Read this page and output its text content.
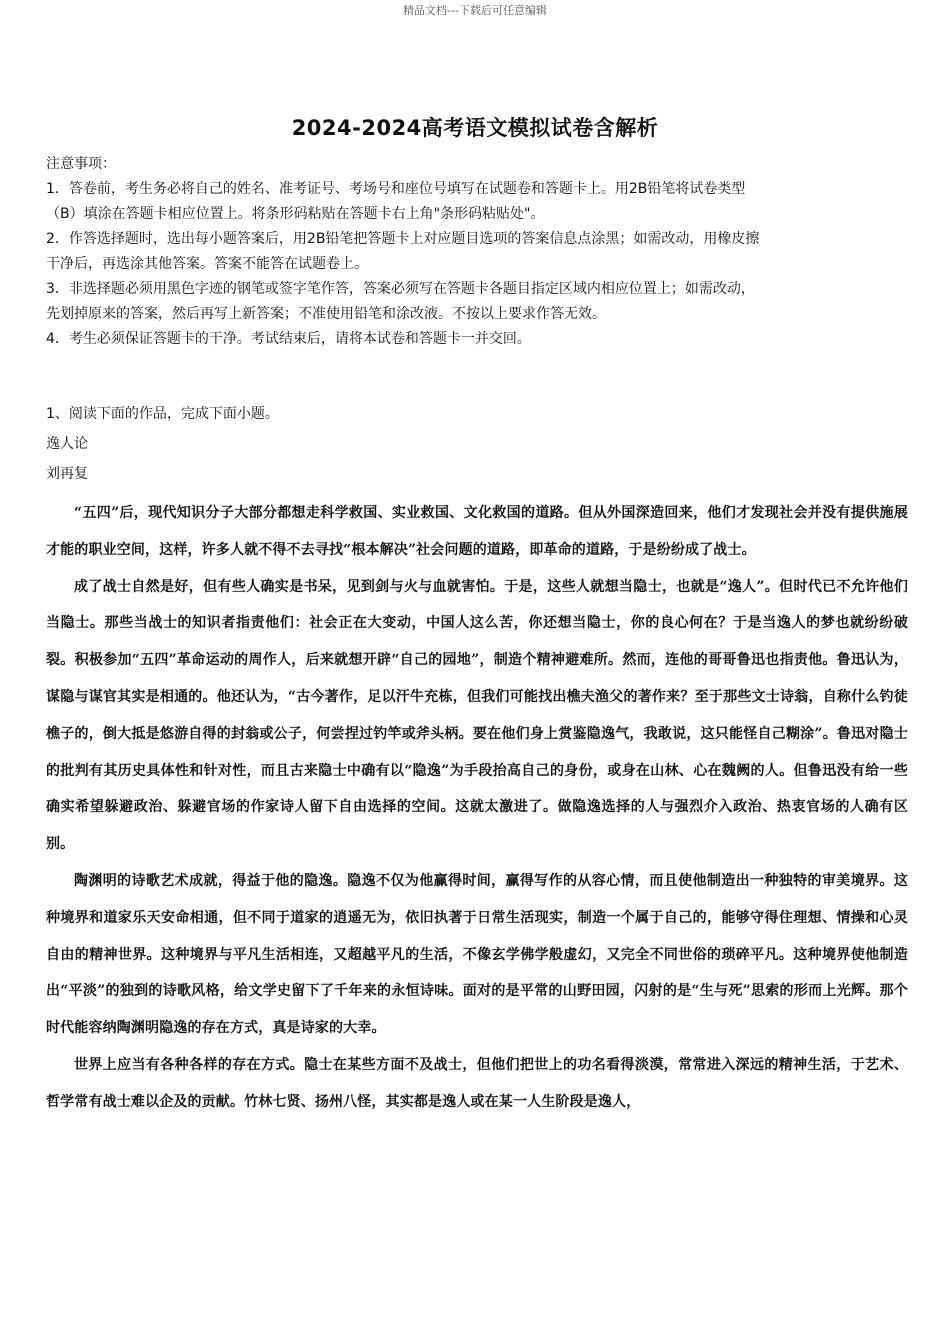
精品文档---下载后可任意编辑
2024-2024高考语文模拟试卷含解析
注意事项：
1．答卷前，考生务必将自己的姓名、准考证号、考场号和座位号填写在试题卷和答题卡上。用2B铅笔将试卷类型
（B）填涂在答题卡相应位置上。将条形码粘贴在答题卡右上角"条形码粘贴处"。
2．作答选择题时，选出每小题答案后，用2B铅笔把答题卡上对应题目选项的答案信息点涂黑；如需改动，用橡皮擦
干净后，再选涂其他答案。答案不能答在试题卷上。
3．非选择题必须用黑色字迹的钢笔或签字笔作答，答案必须写在答题卡各题目指定区域内相应位置上；如需改动，
先划掉原来的答案，然后再写上新答案；不准使用铅笔和涂改液。不按以上要求作答无效。
4．考生必须保证答题卡的干净。考试结束后，请将本试卷和答题卡一并交回。
1、阅读下面的作品，完成下面小题。
逸人论
刘再复

“五四”后，现代知识分子大部分都想走科学救国、实业救国、文化救国的道路。但从外国深造回来，他们才发现社会并没有提供施展才能的职业空间，这样，许多人就不得不去寻找“根本解决”社会问题的道路，即革命的道路，于是纷纷成了战士。

成了战士自然是好，但有些人确实是书呆，见到剑与火与血就害怕。于是，这些人就想当隐士，也就是“逸人”。但时代已不允许他们当隐士。那些当战士的知识者指责他们：社会正在大变动，中国人这么苦，你还想当隐士，你的良心何在？于是当逸人的梦也就纷纷破裂。积极参加“五四”革命运动的周作人，后来就想开辟“自己的园地”，制造个精神避难所。然而，连他的哥哥鲁迅也指责他。鲁迅认为，谋隐与谋官其实是相通的。他还认为，“古今著作，足以汗牛充栋，但我们可能找出樵夫渔父的著作来？至于那些文士诗翁，自称什么钓徒樵子的，倒大抵是悠游自得的封翁或公子，何尝捏过钓竿或斧头柄。要在他们身上赏鉴隐逸气，我敢说，这只能怪自己糊涂”。鲁迅对隐士的批判有其历史具体性和针对性，而且古来隐士中确有以“隐逸”为手段抬高自己的身份，或身在山林、心在魏阙的人。但鲁迅没有给一些确实希望躲避政治、躲避官场的作家诗人留下自由选择的空间。这就太激进了。做隐逸选择的人与强烈介入政治、热衷官场的人确有区别。

陶渊明的诗歌艺术成就，得益于他的隐逸。隐逸不仅为他赢得时间，赢得写作的从容心情，而且使他制造出一种独特的审美境界。这种境界和道家乐天安命相通，但不同于道家的逍遥无为，依旧执著于日常生活现实，制造一个属于自己的，能够守得住理想、情操和心灵自由的精神世界。这种境界与平凡生活相连，又超越平凡的生活，不像玄学佛学般虚幻，又完全不同世俗的琐碎平凡。这种境界使他制造出“平淡”的独到的诗歌风格，给文学史留下了千年来的永恒诗味。面对的是平常的山野田园，闪射的是“生与死”思索的形而上光辉。那个时代能容纳陶渊明隐逸的存在方式，真是诗家的大幸。

世界上应当有各种各样的存在方式。隐士在某些方面不及战士，但他们把世上的功名看得淡漠，常常进入深远的精神生活，于艺术、哲学常有战士难以企及的贡献。竹林七贤、扬州八怪，其实都是逸人或在某一人生阶段是逸人，
